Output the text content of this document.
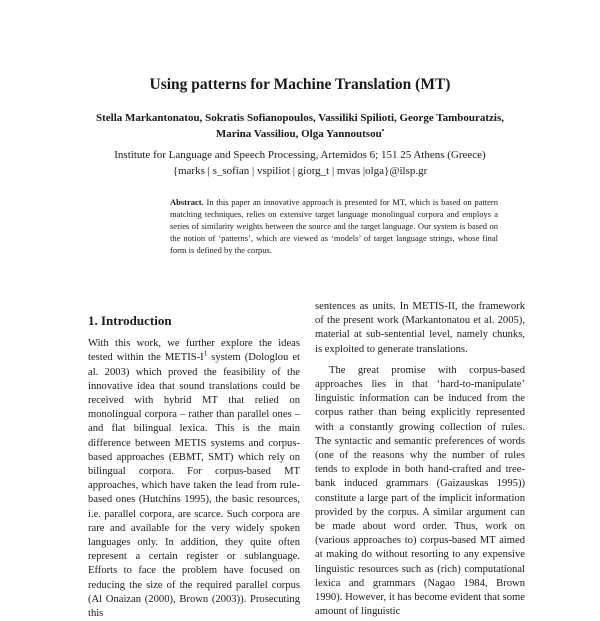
Using patterns for Machine Translation (MT)
Stella Markantonatou, Sokratis Sofianopoulos, Vassiliki Spilioti, George Tambouratzis,
Marina Vassiliou, Olga Yannoutsou•
Institute for Language and Speech Processing, Artemidos 6; 151 25 Athens (Greece)
{marks | s_sofian | vspiliot | giorg_t | mvas |olga}@ilsp.gr
Abstract. In this paper an innovative approach is presented for MT, which is based on pattern matching techniques, relies on extensive target language monolingual corpora and employs a series of similarity weights between the source and the target language. Our system is based on the notion of ‘patterns’, which are viewed as ‘models’ of target language strings, whose final form is defined by the corpus.
1. Introduction

With this work, we further explore the ideas tested within the METIS-$I^1$ system (Dologlou et al. 2003) which proved the feasibility of the innovative idea that sound translations could be received with hybrid MT that relied on monolingual corpora – rather than parallel ones – and flat bilingual lexica. This is the main difference between METIS systems and corpus-based approaches (EBMT, SMT) which rely on bilingual corpora. For corpus-based MT approaches, which have taken the lead from rule-based ones (Hutchins 1995), the basic resources, i.e. parallel corpora, are scarce. Such corpora are rare and available for the very widely spoken languages only. In addition, they quite often represent a certain register or sublanguage. Efforts to face the problem have focused on reducing the size of the required parallel corpus (Al Onaizan (2000), Brown (2003)). Prosecuting this

sentences as units. In METIS-II, the framework of the present work (Markantonatou et al. 2005), material at sub-sentential level, namely chunks, is exploited to generate translations.

The great promise with corpus-based approaches lies in that ‘hard-to-manipulate’ linguistic information can be induced from the corpus rather than being explicitly represented with a constantly growing collection of rules. The syntactic and semantic preferences of words (one of the reasons why the number of rules tends to explode in both hand-crafted and tree-bank induced grammars (Gaizauskas 1995)) constitute a large part of the implicit information provided by the corpus. A similar argument can be made about word order. Thus, work on (various approaches to) corpus-based MT aimed at making do without resorting to any expensive linguistic resources such as (rich) computational lexica and grammars (Nagao 1984, Brown 1990). However, it has become evident that some amount of linguistic
